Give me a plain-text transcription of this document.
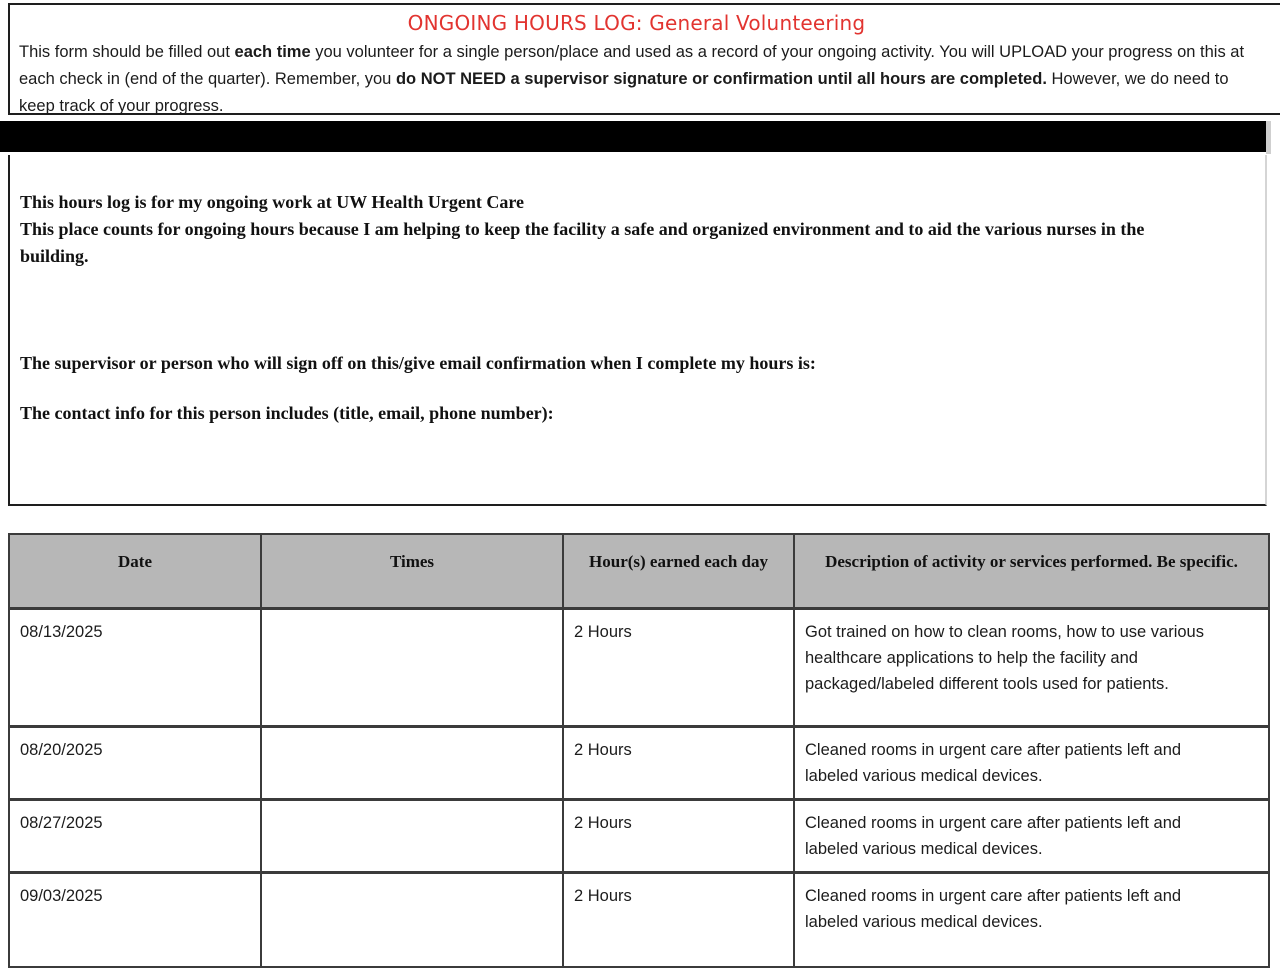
ONGOING HOURS LOG: General Volunteering
This form should be filled out each time you volunteer for a single person/place and used as a record of your ongoing activity. You will UPLOAD your progress on this at each check in (end of the quarter). Remember, you do NOT NEED a supervisor signature or confirmation until all hours are completed. However, we do need to keep track of your progress.

This hours log is for my ongoing work at UW Health Urgent Care

This place counts for ongoing hours because I am helping to keep the facility a safe and organized environment and to aid the various nurses in the building.

The supervisor or person who will sign off on this/give email confirmation when I complete my hours is:

The contact info for this person includes (title, email, phone number):

Date	Times	Hour(s) earned each day	Description of activity or services performed. Be specific.
08/13/2025		2 Hours	Got trained on how to clean rooms, how to use various healthcare applications to help the facility and packaged/labeled different tools used for patients.
08/20/2025		2 Hours	Cleaned rooms in urgent care after patients left and labeled various medical devices.
08/27/2025		2 Hours	Cleaned rooms in urgent care after patients left and labeled various medical devices.
09/03/2025		2 Hours	Cleaned rooms in urgent care after patients left and labeled various medical devices.
